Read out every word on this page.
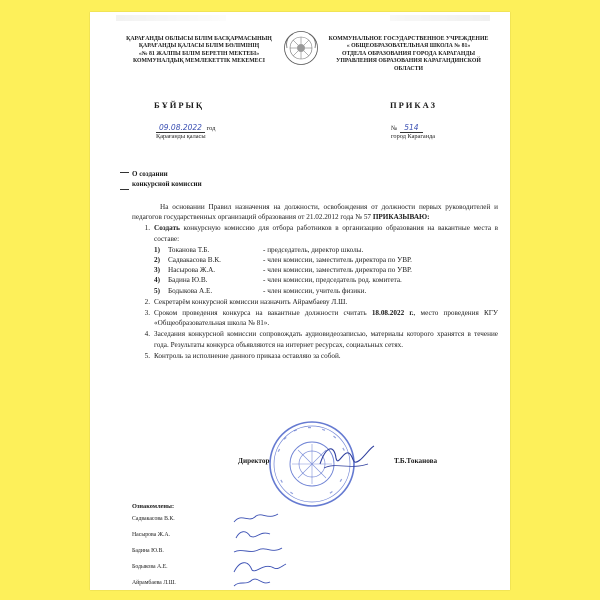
ҚАРАҒАНДЫ ОБЛЫСЫ БІЛІМ БАСҚАРМАСЫНЫҢ
ҚАРАҒАНДЫ ҚАЛАСЫ БІЛІМ БӨЛІМІНІҢ
«№ 81 ЖАЛПЫ БІЛІМ БЕРЕТІН МЕКТЕБІ»
КОММУНАЛДЫҚ МЕМЛЕКЕТТІК МЕКЕМЕСІ
КОММУНАЛЬНОЕ ГОСУДАРСТВЕННОЕ УЧРЕЖДЕНИЕ
« ОБЩЕОБРАЗОВАТЕЛЬНАЯ ШКОЛА № 81»
ОТДЕЛА ОБРАЗОВАНИЯ ГОРОДА КАРАГАНДЫ
УПРАВЛЕНИЯ ОБРАЗОВАНИЯ КАРАГАНДИНСКОЙ
ОБЛАСТИ
БҰЙРЫҚ	ПРИКАЗ
09.08.2022 год
Қарағанды қаласы
№ 514
город Караганда
О создании
конкурсной комиссии
На основании Правил назначения на должности, освобождения от должности первых руководителей и педагогов государственных организаций образования от 21.02.2012 года № 57 ПРИКАЗЫВАЮ:
1. Создать конкурсную комиссию для отбора работников в организацию образования на вакантные места в составе:
1)	Токанова Т.Б.	- председатель, директор школы.
2)	Садвакасова В.К.	- член комиссии, заместитель директора по УВР.
3)	Насырова Ж.А.	- член комиссии, заместитель директора по УВР.
4)	Бадина Ю.В.	- член комиссии, председатель род. комитета.
5)	Бодыкова А.Е.	- член комиссии, учитель физики.
2. Секретарём конкурсной комиссии назначить Айрамбаеву Л.Ш.
3. Сроком проведения конкурса на вакантные должности считать 18.08.2022 г., место проведения КГУ «Общеобразовательная школа № 81».
4. Заседания конкурсной комиссии сопровождать аудиовидеозаписью, материалы которого хранятся в течение года. Результаты конкурса объявляются на интернет ресурсах, социальных сетях.
5. Контроль за исполнение данного приказа оставляю за собой.
Директор	Т.Б.Токанова
Ознакомлены:
Садвакасова В.К.
Насырова Ж.А.
Бадина Ю.В.
Бодыкова А.Е.
Айрамбаева Л.Ш.
